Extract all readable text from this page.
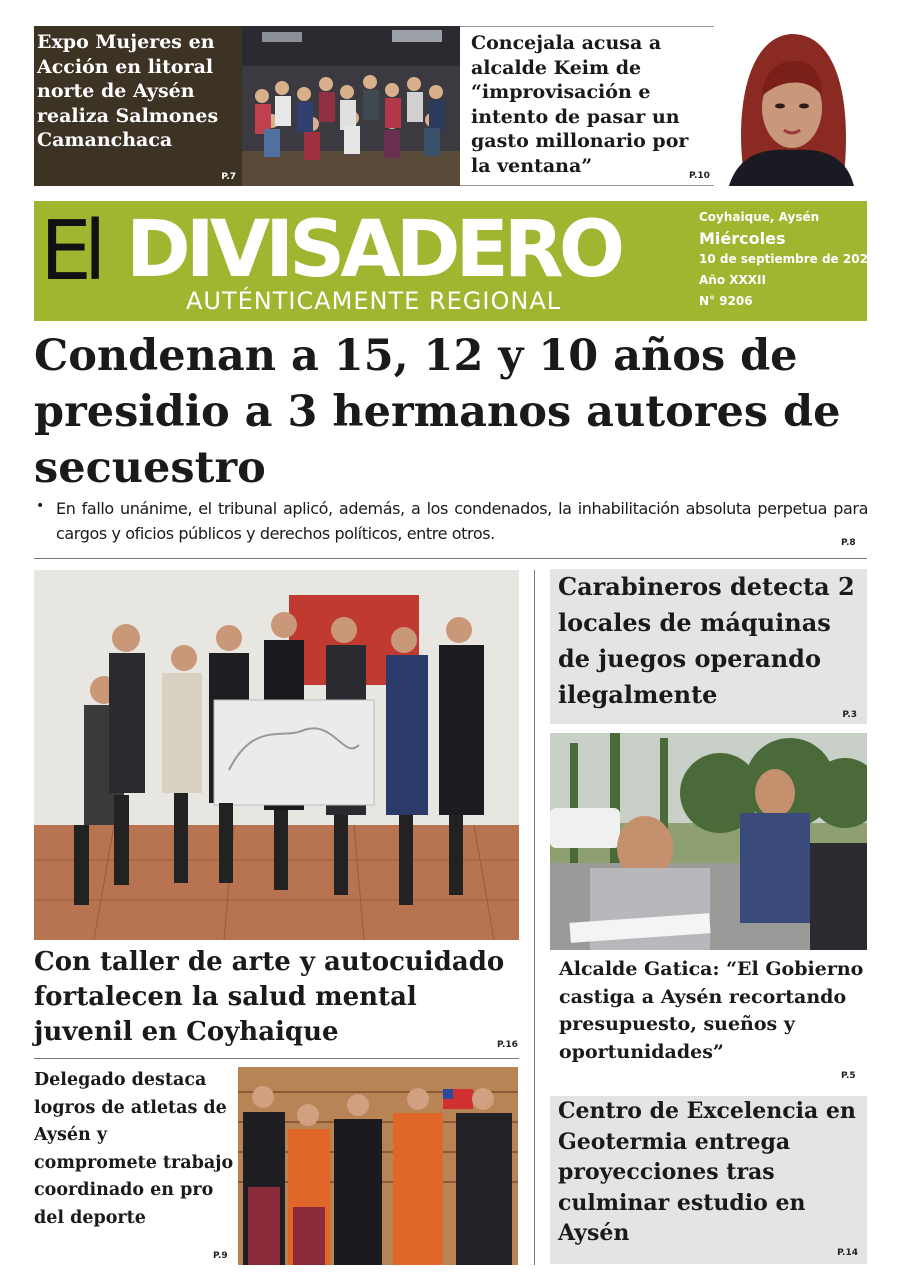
Expo Mujeres en Acción en litoral norte de Aysén realiza Salmones Camanchaca
P.7
Concejala acusa a alcalde Keim de “improvisación e intento de pasar un gasto millonario por la ventana”	P.10
El DIVISADERO
AUTÉNTICAMENTE REGIONAL
Coyhaique, Aysén
Miércoles
10 de septiembre de 2025
Año XXXII
N° 9206
Condenan a 15, 12 y 10 años de presidio a 3 hermanos autores de secuestro
• En fallo unánime, el tribunal aplicó, además, a los condenados, la inhabilitación absoluta perpetua para cargos y oficios públicos y derechos políticos, entre otros.	P.8
Con taller de arte y autocuidado fortalecen la salud mental juvenil en Coyhaique	P.16
Delegado destaca logros de atletas de Aysén y compromete trabajo coordinado en pro del deporte
P.9
Carabineros detecta 2 locales de máquinas de juegos operando ilegalmente
P.3
Alcalde Gatica: “El Gobierno castiga a Aysén recortando presupuesto, sueños y oportunidades”
P.5
Centro de Excelencia en Geotermia entrega proyecciones tras culminar estudio en Aysén
P.14
